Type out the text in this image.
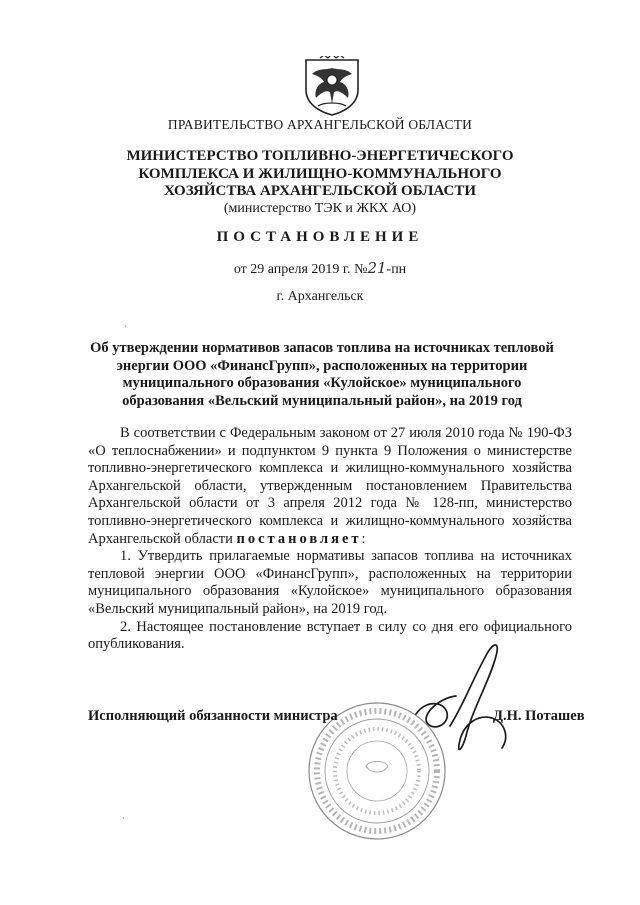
ПРАВИТЕЛЬСТВО АРХАНГЕЛЬСКОЙ ОБЛАСТИ
МИНИСТЕРСТВО ТОПЛИВНО-ЭНЕРГЕТИЧЕСКОГО
КОМПЛЕКСА И ЖИЛИЩНО-КОММУНАЛЬНОГО
ХОЗЯЙСТВА АРХАНГЕЛЬСКОЙ ОБЛАСТИ
(министерство ТЭК и ЖКХ АО)
ПОСТАНОВЛЕНИЕ
от 29 апреля 2019 г. №21-пн
г. Архангельск
ˋ
Об утверждении нормативов запасов топлива на источниках тепловой
энергии ООО «ФинансГрупп», расположенных на территории
муниципального образования «Кулойское» муниципального
образования «Вельский муниципальный район», на 2019 год

В соответствии с Федеральным законом от 27 июля 2010 года № 190-ФЗ «О теплоснабжении» и подпунктом 9 пункта 9 Положения о министерстве топливно-энергетического комплекса и жилищно-коммунального хозяйства Архангельской области, утвержденным постановлением Правительства Архангельской области от 3 апреля 2012 года № 128-пп, министерство топливно-энергетического комплекса и жилищно-коммунального хозяйства Архангельской области постановляет:

1. Утвердить прилагаемые нормативы запасов топлива на источниках тепловой энергии ООО «ФинансГрупп», расположенных на территории муниципального образования «Кулойское» муниципального образования «Вельский муниципальный район», на 2019 год.

2. Настоящее постановление вступает в силу со дня его официального опубликования.

Исполняющий обязанности министра	Д.Н. Поташев
ˋ
